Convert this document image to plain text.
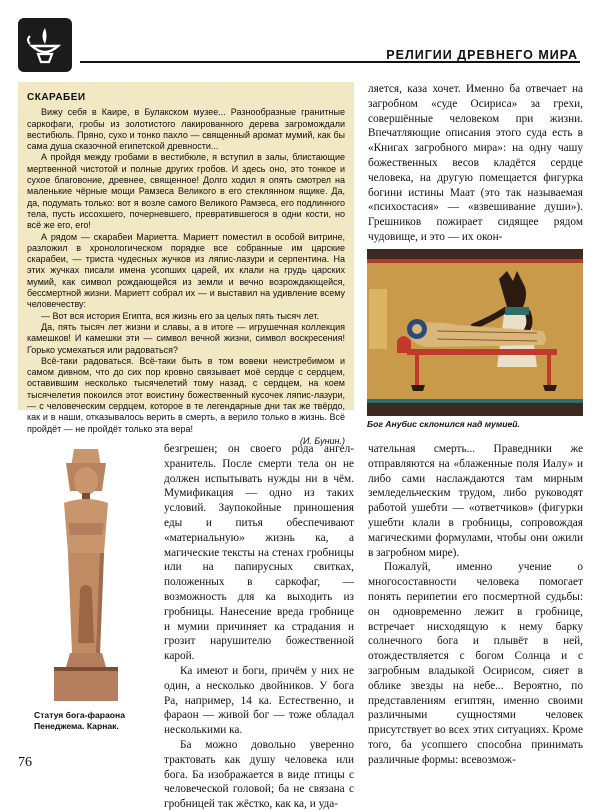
РЕЛИГИИ ДРЕВНЕГО МИРА
СКАРАБЕИ

Вижу себя в Каире, в Булакском музее... Разнообразные гранитные саркофаги, гробы из золотистого лакированного дерева загромождали вестибюль. Пряно, сухо и тонко пахло — священный аромат мумий, как бы сама душа сказочной египетской древности...

А пройдя между гробами в вестибюле, я вступил в залы, блистающие мертвенной чистотой и полные других гробов. И здесь оно, это тонкое и сухое благовоние, древнее, священное! Долго ходил я опять смотрел на маленькие чёрные мощи Рамзеса Великого в его стеклянном ящике. Да, да, подумать только: вот я возле самого Великого Рамзеса, его подлинного тела, пусть иссохшего, почерневшего, превратившегося в одни кости, но всё же его, его!

А рядом — скарабеи Мариетта. Мариетт поместил в особой витрине, разложил в хронологическом порядке все собранные им царские скарабеи, — триста чудесных жучков из ляпис-лазури и серпентина. На этих жучках писали имена усопших царей, их клали на грудь царских мумий, как символ рождающейся из земли и вечно возрождающейся, бессмертной жизни. Мариетт собрал их — и выставил на удивление всему человечеству:

— Вот вся история Египта, вся жизнь его за целых пять тысяч лет.

Да, пять тысяч лет жизни и славы, а в итоге — игрушечная коллекция камешков! И камешки эти — символ вечной жизни, символ воскресения! Горько усмехаться или радоваться?

Всё-таки радоваться. Всё-таки быть в том вовеки неистребимом и самом дивном, что до сих пор кровно связывает моё сердце с сердцем, оставившим несколько тысячелетий тому назад, с сердцем, на коем тысячелетия покоился этот воистину божественный кусочек ляпис-лазури, — с человеческим сердцем, которое в те легендарные дни так же твёрдо, как и в наши, отказывалось верить в смерть, а верило только в жизнь. Всё пройдёт — не пройдёт только эта вера!

(И. Бунин.)

ляется, каза хочет. Именно ба отвечает на загробном «суде Осириса» за грехи, совершённые человеком при жизни. Впечатляющие описания этого суда есть в «Книгах загробного мира»: на одну чашу божественных весов кладётся сердце человека, на другую помещается фигурка богини истины Маат (это так называемая «психостасия» — «взвешивание души»). Грешников пожирает сидящее рядом чудовище, и это — их окон-

Бог Анубис склонился над мумией.
Статуя бога-фараона Пенеджема. Карнак.

безгрешен; он своего рода ангел-хранитель. После смерти тела он не должен испытывать нужды ни в чём. Мумификация — одно из таких условий. Заупокойные приношения еды и питья обеспечивают «материальную» жизнь ка, а магические тексты на стенах гробницы или на папирусных свитках, положенных в саркофаг, — возможность для ка выходить из гробницы. Нанесение вреда гробнице и мумии причиняет ка страдания и грозит нарушителю божественной карой.

Ка имеют и боги, причём у них не один, а несколько двойников. У бога Ра, например, 14 ка. Естественно, и фараон — живой бог — тоже обладал несколькими ка.

Ба можно довольно уверенно трактовать как душу человека или бога. Ба изображается в виде птицы с человеческой головой; ба не связана с гробницей так жёстко, как ка, и уда-

чательная смерть... Праведники же отправляются на «блаженные поля Иалу» и либо сами наслаждаются там мирным земледельческим трудом, либо руководят работой ушебти — «ответчиков» (фигурки ушебти клали в гробницы, сопровождая магическими формулами, чтобы они ожили в загробном мире).

Пожалуй, именно учение о многосоставности человека помогает понять перипетии его посмертной судьбы: он одновременно лежит в гробнице, встречает нисходящую к нему барку солнечного бога и плывёт в ней, отождествляется с богом Солнца и с загробным владыкой Осирисом, сияет в облике звезды на небе... Вероятно, по представлениям египтян, именно своими различными сущностями человек присутствует во всех этих ситуациях. Кроме того, ба усопшего способна принимать различные формы: всевозмож-

76
